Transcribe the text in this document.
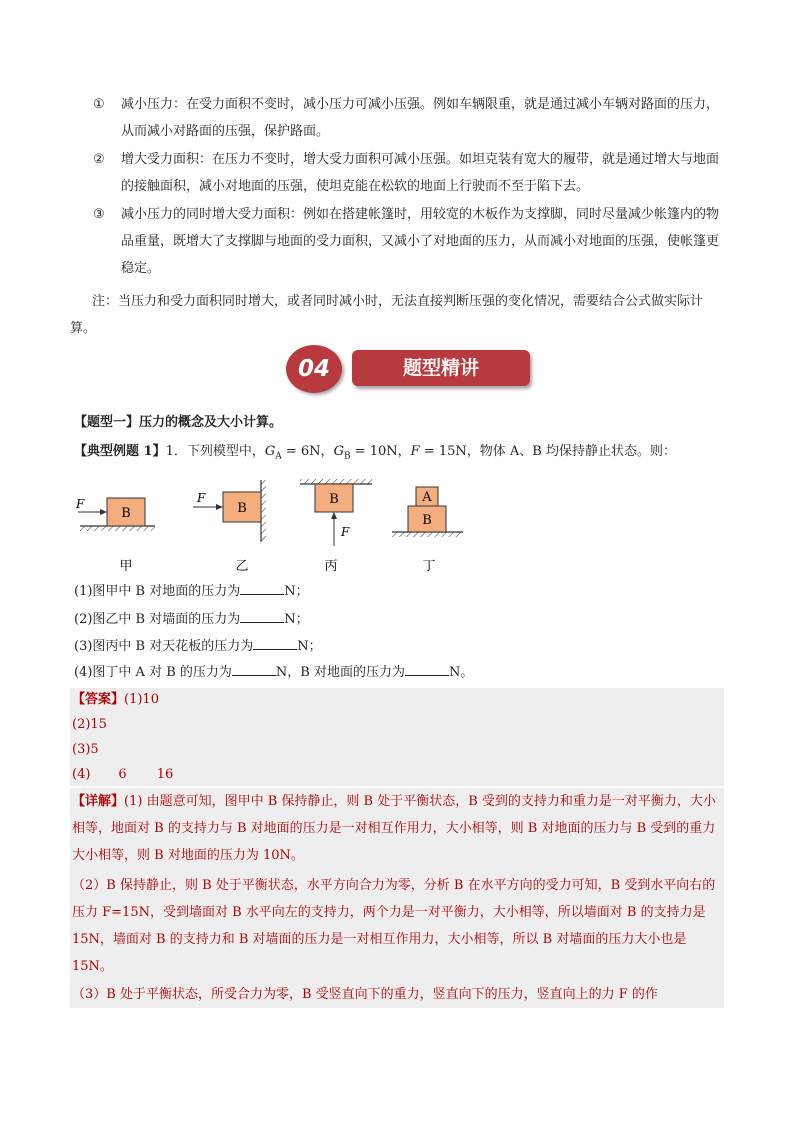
①	减小压力：在受力面积不变时，减小压力可减小压强。例如车辆限重，就是通过减小车辆对路面的压力，从而减小对路面的压强，保护路面。
②	增大受力面积：在压力不变时，增大受力面积可减小压强。如坦克装有宽大的履带，就是通过增大与地面的接触面积，减小对地面的压强，使坦克能在松软的地面上行驶而不至于陷下去。
③	减小压力的同时增大受力面积：例如在搭建帐篷时，用较宽的木板作为支撑脚，同时尽量减少帐篷内的物品重量，既增大了支撑脚与地面的受力面积，又减小了对地面的压力，从而减小对地面的压强，使帐篷更稳定。
注：当压力和受力面积同时增大，或者同时减小时，无法直接判断压强的变化情况，需要结合公式做实际计算。
04	题型精讲
【题型一】压力的概念及大小计算。
【典型例题 1】1．下列模型中，$G_A = 6N$，$G_B = 10N$，F = 15N，物体 A、B 均保持静止状态。则：
B
F
甲
B
F
乙
B
F
丙
B
A
丁
(1)图甲中 B 对地面的压力为	N；
(2)图乙中 B 对墙面的压力为	N；
(3)图丙中 B 对天花板的压力为	N；
(4)图丁中 A 对 B 的压力为	N，B 对地面的压力为	N。
【答案】(1)10
(2)15
(3)5
(4) 6 16
【详解】(1) 由题意可知，图甲中 B 保持静止，则 B 处于平衡状态，B 受到的支持力和重力是一对平衡力，大小相等，地面对 B 的支持力与 B 对地面的压力是一对相互作用力，大小相等，则 B 对地面的压力与 B 受到的重力大小相等，则 B 对地面的压力为 10N。
（2）B 保持静止，则 B 处于平衡状态，水平方向合力为零，分析 B 在水平方向的受力可知，B 受到水平向右的压力 F=15N，受到墙面对 B 水平向左的支持力，两个力是一对平衡力，大小相等，所以墙面对 B 的支持力是 15N，墙面对 B 的支持力和 B 对墙面的压力是一对相互作用力，大小相等，所以 B 对墙面的压力大小也是 15N。
（3）B 处于平衡状态，所受合力为零，B 受竖直向下的重力，竖直向下的压力，竖直向上的力 F 的作
